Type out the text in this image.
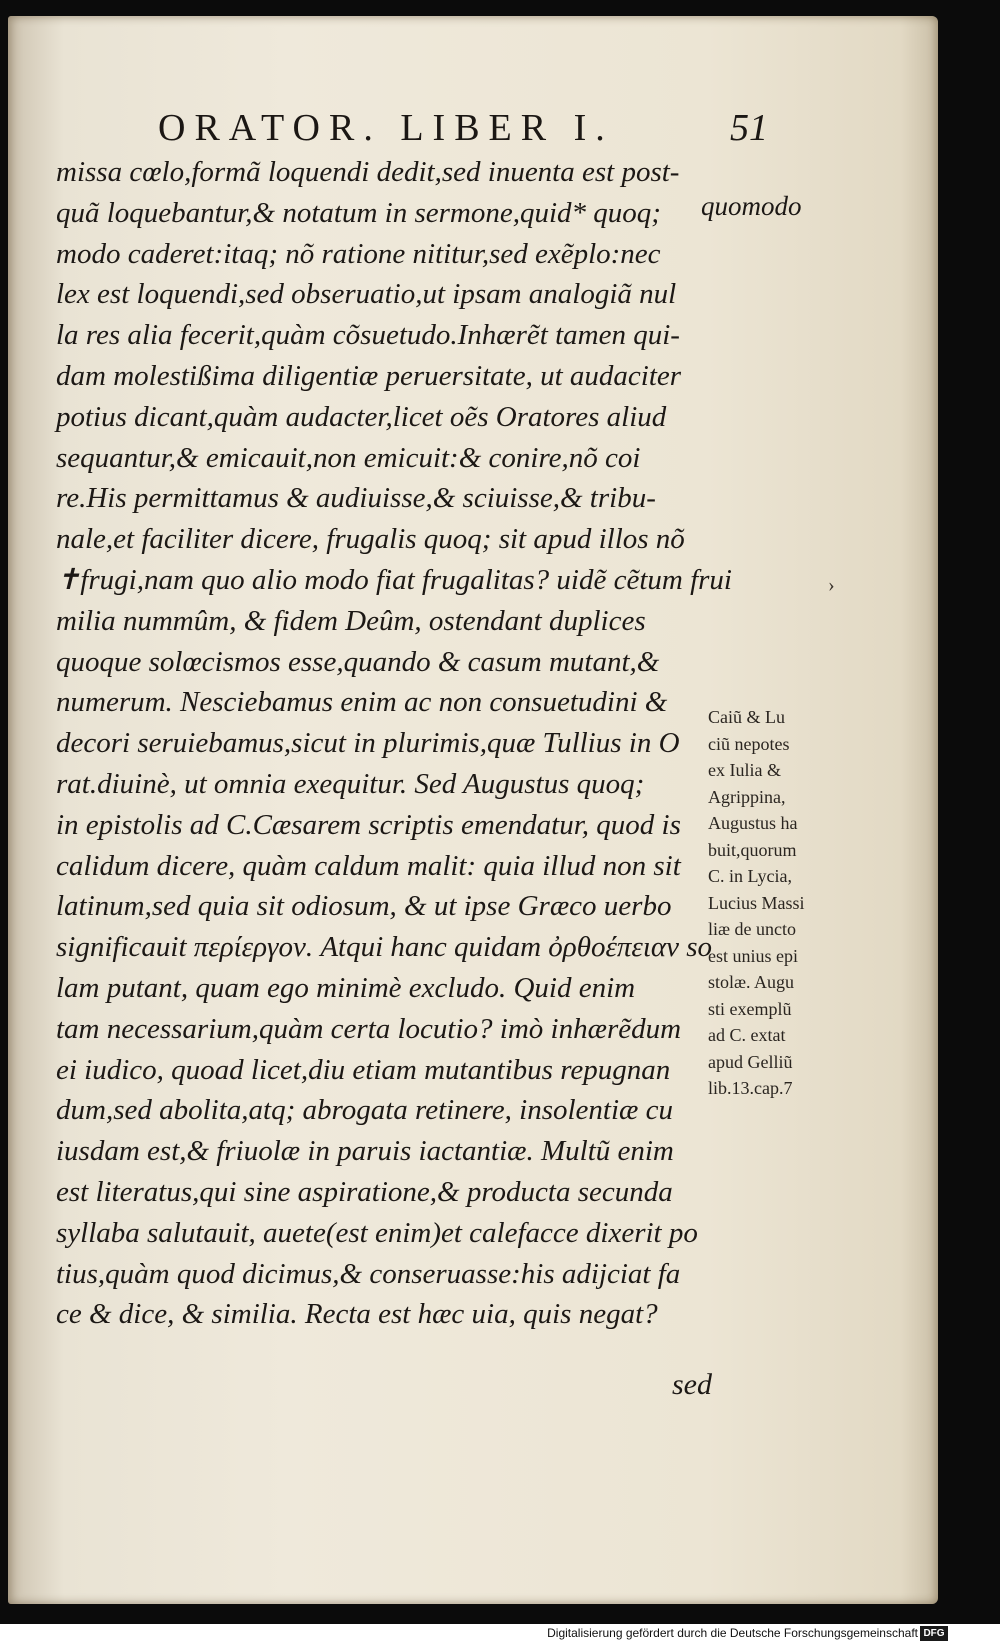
ORATOR. LIBER I.	51
missa cœlo,formã loquendi dedit,sed inuenta est post-
quã loquebantur,& notatum in sermone,quid* quoq;
modo caderet:itaq; nõ ratione nititur,sed exẽplo:nec
lex est loquendi,sed obseruatio,ut ipsam analogiã nul
la res alia fecerit,quàm cõsuetudo.Inhærẽt tamen qui-
dam molestißima diligentiæ peruersitate, ut audaciter
potius dicant,quàm audacter,licet oẽs Oratores aliud
sequantur,& emicauit,non emicuit:& conire,nõ coi
re.His permittamus & audiuisse,& sciuisse,& tribu-
nale,et faciliter dicere, frugalis quoq; sit apud illos nõ
✝frugi,nam quo alio modo fiat frugalitas? uidẽ cẽtum frui
milia nummûm, & fidem Deûm, ostendant duplices
quoque solœcismos esse,quando & casum mutant,&
numerum. Nesciebamus enim ac non consuetudini &
decori seruiebamus,sicut in plurimis,quæ Tullius in O
rat.diuinè, ut omnia exequitur. Sed Augustus quoq;
in epistolis ad C.Cæsarem scriptis emendatur, quod is
calidum dicere, quàm caldum malit: quia illud non sit
latinum,sed quia sit odiosum, & ut ipse Græco uerbo
significauit περίεργον. Atqui hanc quidam ὀρθοέπειαν so
lam putant, quam ego minimè excludo. Quid enim
tam necessarium,quàm certa locutio? imò inhærẽdum
ei iudico, quoad licet,diu etiam mutantibus repugnan
dum,sed abolita,atq; abrogata retinere, insolentiæ cu
iusdam est,& friuolæ in paruis iactantiæ. Multũ enim
est literatus,qui sine aspiratione,& producta secunda
syllaba salutauit, auete(est enim)et calefacce dixerit po
tius,quàm quod dicimus,& conseruasse:his adijciat fa
ce & dice, & similia. Recta est hæc uia, quis negat?
sed
quomodo
›
Caiũ & Lu
ciũ nepotes
ex Iulia &
Agrippina,
Augustus ha
buit,quorum
C. in Lycia,
Lucius Massi
liæ de uncto
est unius epi
stolæ. Augu
sti exemplũ
ad C. extat
apud Gelliũ
lib.13.cap.7
Digitalisierung gefördert durch die Deutsche Forschungsgemeinschaft DFG
